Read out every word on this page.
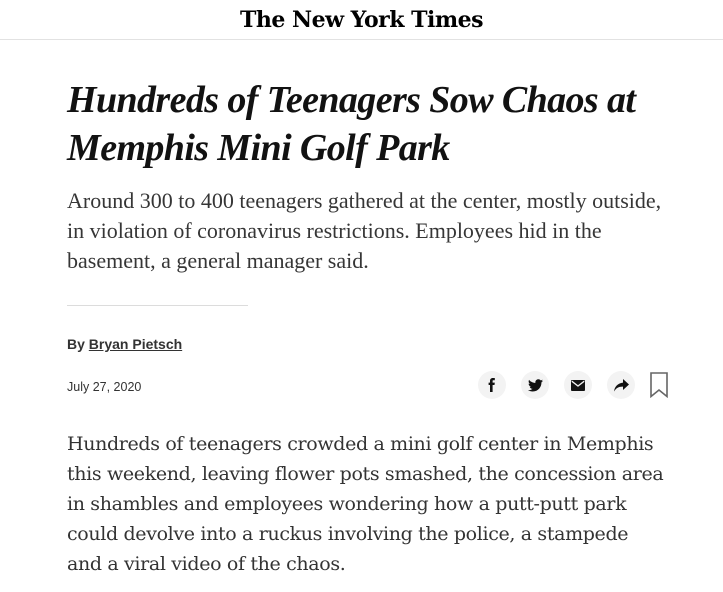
The New York Times
Hundreds of Teenagers Sow Chaos at Memphis Mini Golf Park

Around 300 to 400 teenagers gathered at the center, mostly outside, in violation of coronavirus restrictions. Employees hid in the basement, a general manager said.

By Bryan Pietsch
July 27, 2020

Hundreds of teenagers crowded a mini golf center in Memphis this weekend, leaving flower pots smashed, the concession area in shambles and employees wondering how a putt-putt park could devolve into a ruckus involving the police, a stampede and a viral video of the chaos.
